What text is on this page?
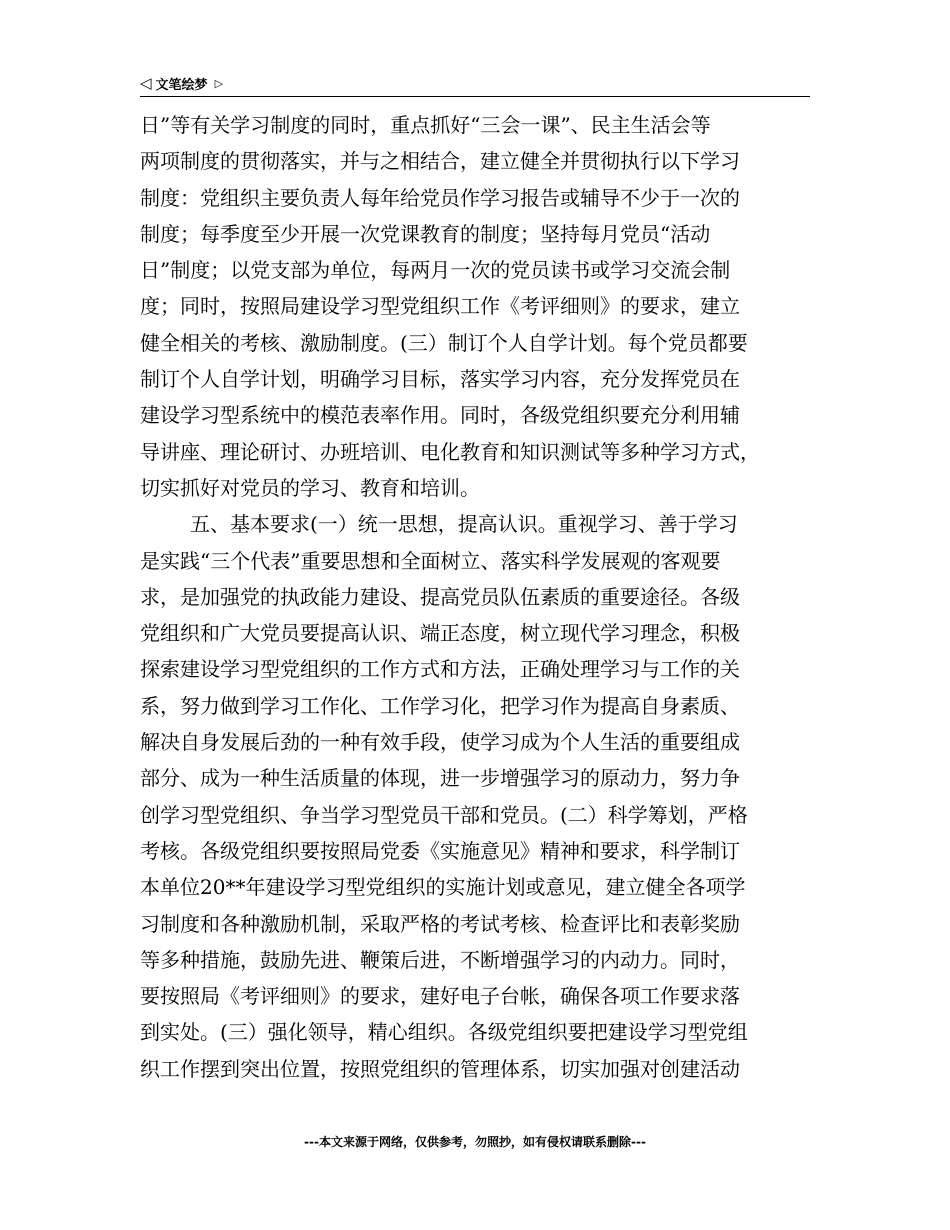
◁ 文笔绘梦 ▷
日”等有关学习制度的同时，重点抓好“三会一课”、民主生活会等
两项制度的贯彻落实，并与之相结合，建立健全并贯彻执行以下学习
制度：党组织主要负责人每年给党员作学习报告或辅导不少于一次的
制度；每季度至少开展一次党课教育的制度；坚持每月党员“活动
日”制度；以党支部为单位，每两月一次的党员读书或学习交流会制
度；同时，按照局建设学习型党组织工作《考评细则》的要求，建立
健全相关的考核、激励制度。(三）制订个人自学计划。每个党员都要
制订个人自学计划，明确学习目标，落实学习内容，充分发挥党员在
建设学习型系统中的模范表率作用。同时，各级党组织要充分利用辅
导讲座、理论研讨、办班培训、电化教育和知识测试等多种学习方式，
切实抓好对党员的学习、教育和培训。
五、基本要求(一）统一思想，提高认识。重视学习、善于学习
是实践“三个代表”重要思想和全面树立、落实科学发展观的客观要
求，是加强党的执政能力建设、提高党员队伍素质的重要途径。各级
党组织和广大党员要提高认识、端正态度，树立现代学习理念，积极
探索建设学习型党组织的工作方式和方法，正确处理学习与工作的关
系，努力做到学习工作化、工作学习化，把学习作为提高自身素质、
解决自身发展后劲的一种有效手段，使学习成为个人生活的重要组成
部分、成为一种生活质量的体现，进一步增强学习的原动力，努力争
创学习型党组织、争当学习型党员干部和党员。(二）科学筹划，严格
考核。各级党组织要按照局党委《实施意见》精神和要求，科学制订
本单位20**年建设学习型党组织的实施计划或意见，建立健全各项学
习制度和各种激励机制，采取严格的考试考核、检查评比和表彰奖励
等多种措施，鼓励先进、鞭策后进，不断增强学习的内动力。同时，
要按照局《考评细则》的要求，建好电子台帐，确保各项工作要求落
到实处。(三）强化领导，精心组织。各级党组织要把建设学习型党组
织工作摆到突出位置，按照党组织的管理体系，切实加强对创建活动
---本文来源于网络，仅供参考，勿照抄，如有侵权请联系删除---
